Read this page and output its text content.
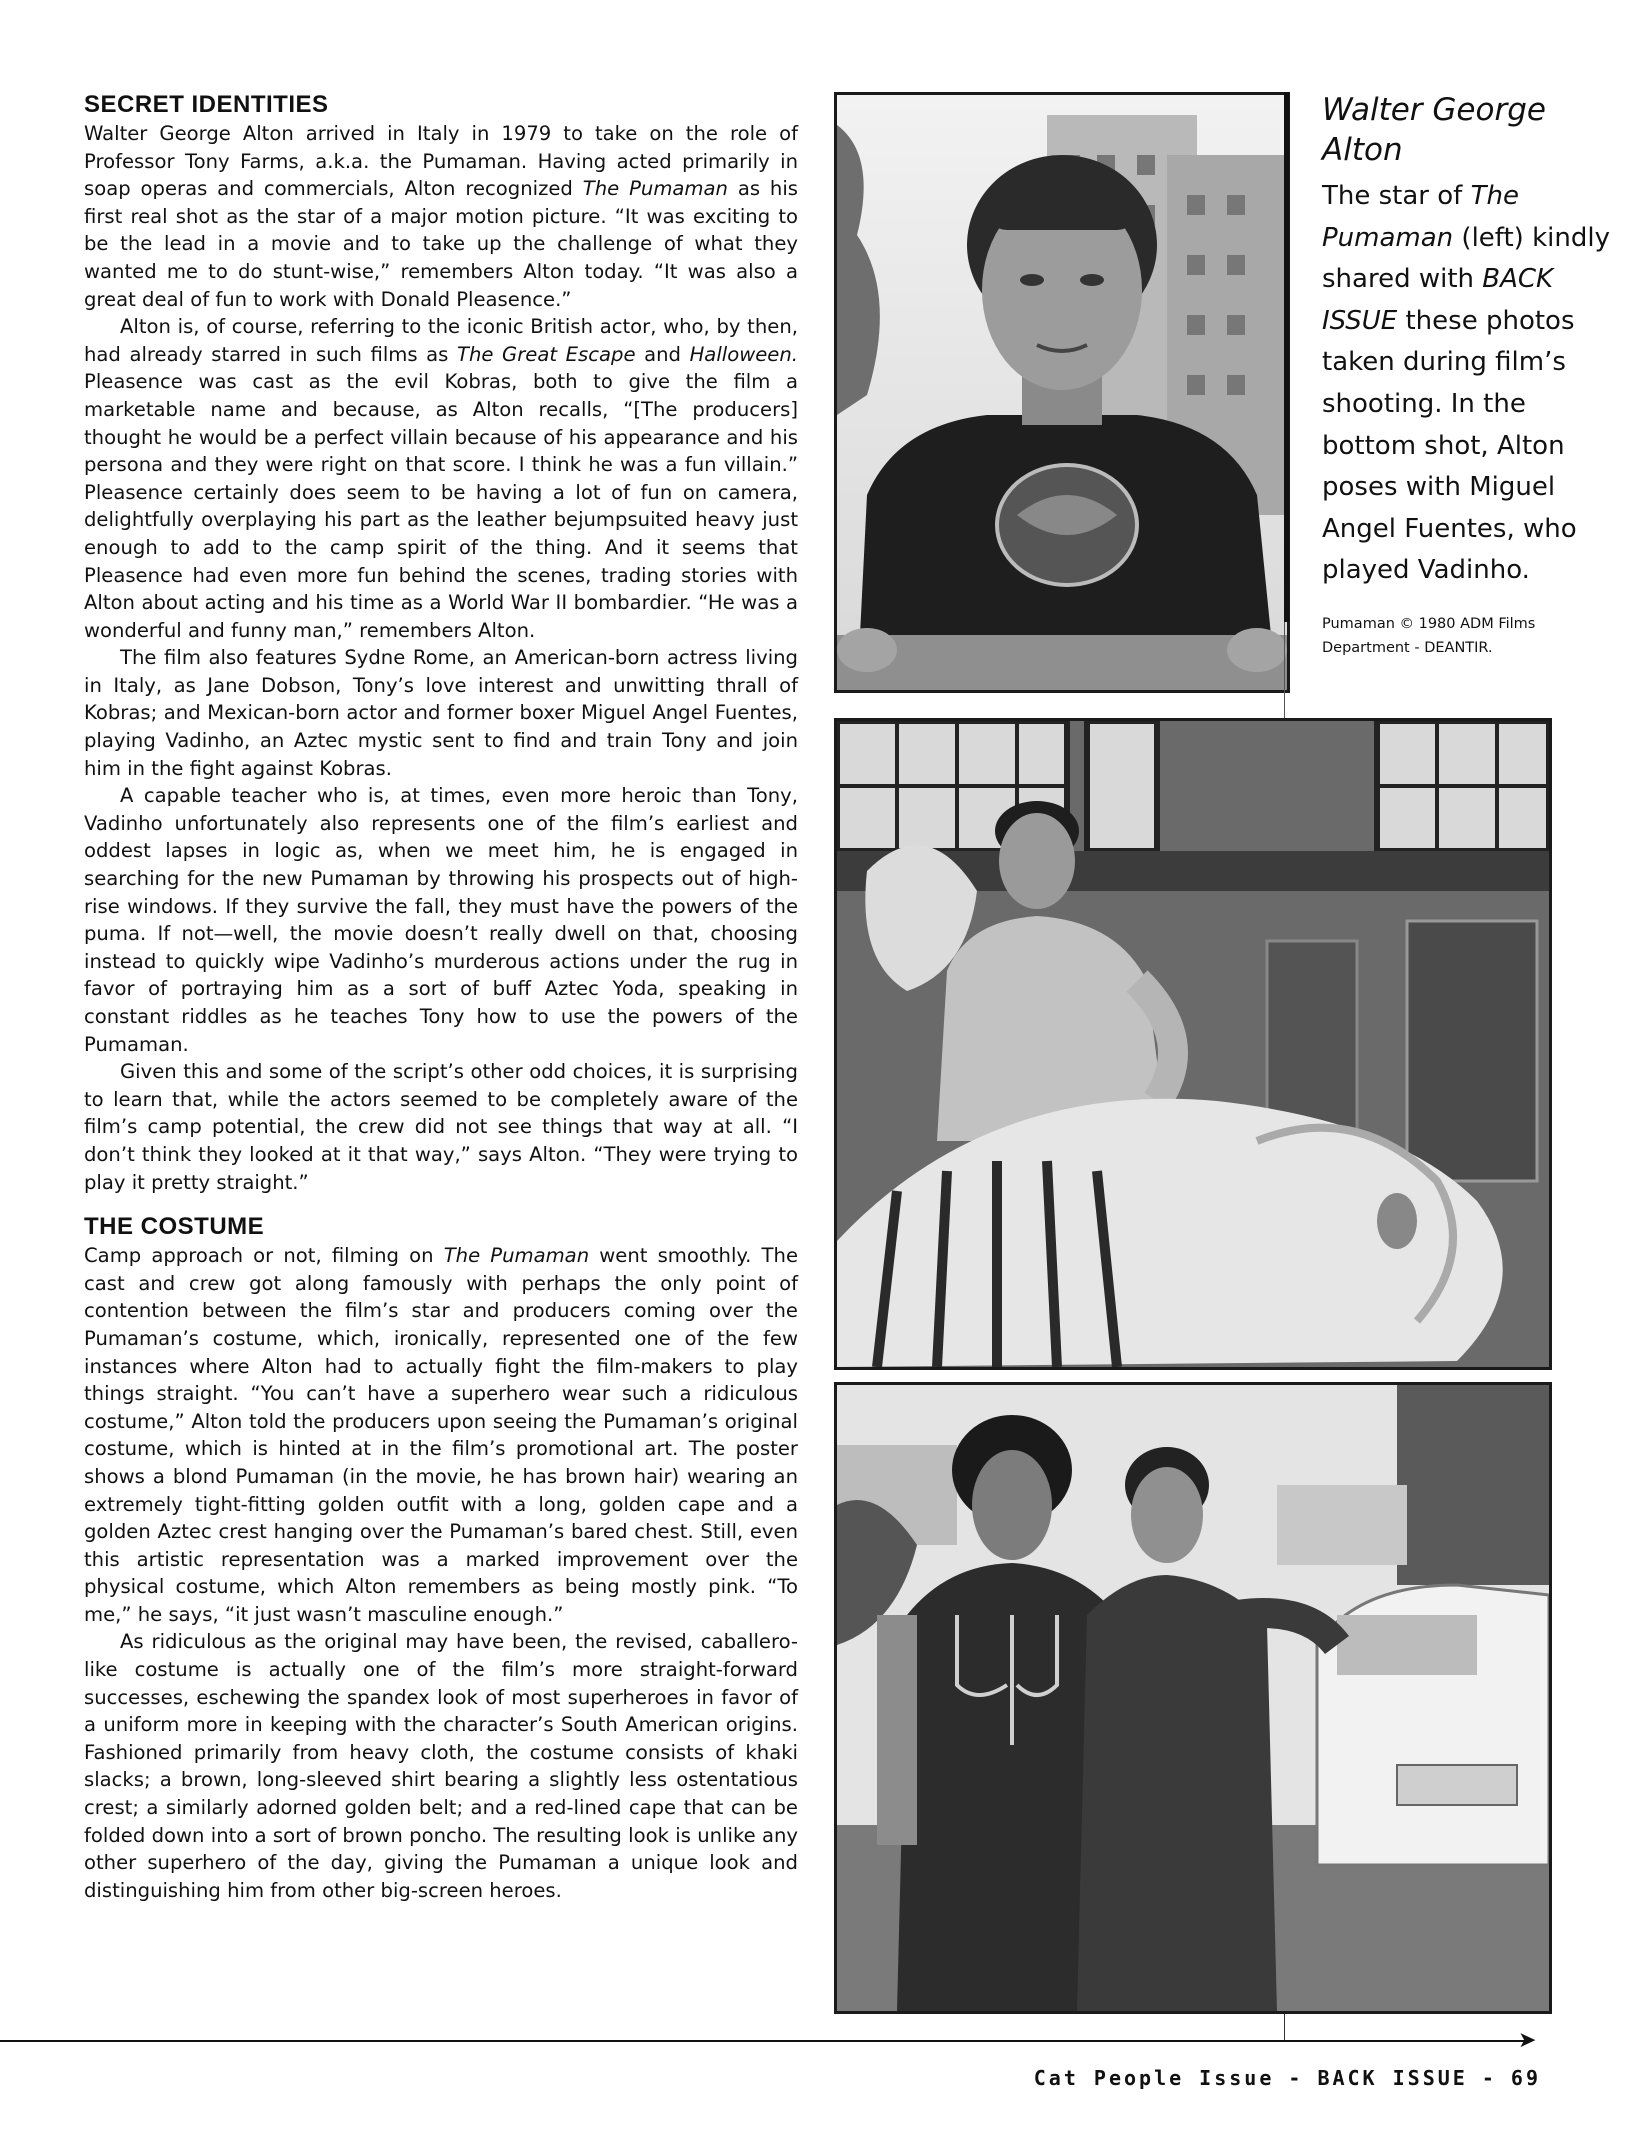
SECRET IDENTITIES

Walter George Alton arrived in Italy in 1979 to take on the role of Professor Tony Farms, a.k.a. the Pumaman. Having acted primarily in soap operas and commercials, Alton recognized The Pumaman as his first real shot as the star of a major motion picture. “It was exciting to be the lead in a movie and to take up the challenge of what they wanted me to do stunt-wise,” remembers Alton today. “It was also a great deal of fun to work with Donald Pleasence.”

Alton is, of course, referring to the iconic British actor, who, by then, had already starred in such films as The Great Escape and Halloween. Pleasence was cast as the evil Kobras, both to give the film a marketable name and because, as Alton recalls, “[The producers] thought he would be a perfect villain because of his appearance and his persona and they were right on that score. I think he was a fun villain.” Pleasence certainly does seem to be having a lot of fun on camera, delightfully overplaying his part as the leather bejumpsuited heavy just enough to add to the camp spirit of the thing. And it seems that Pleasence had even more fun behind the scenes, trading stories with Alton about acting and his time as a World War II bombardier. “He was a wonderful and funny man,” remembers Alton.

The film also features Sydne Rome, an American-born actress living in Italy, as Jane Dobson, Tony’s love interest and unwitting thrall of Kobras; and Mexican-born actor and former boxer Miguel Angel Fuentes, playing Vadinho, an Aztec mystic sent to find and train Tony and join him in the fight against Kobras.

A capable teacher who is, at times, even more heroic than Tony, Vadinho unfortunately also represents one of the film’s earliest and oddest lapses in logic as, when we meet him, he is engaged in searching for the new Pumaman by throwing his prospects out of high-rise windows. If they survive the fall, they must have the powers of the puma. If not—well, the movie doesn’t really dwell on that, choosing instead to quickly wipe Vadinho’s murderous actions under the rug in favor of portraying him as a sort of buff Aztec Yoda, speaking in constant riddles as he teaches Tony how to use the powers of the Pumaman.

Given this and some of the script’s other odd choices, it is surprising to learn that, while the actors seemed to be completely aware of the film’s camp potential, the crew did not see things that way at all. “I don’t think they looked at it that way,” says Alton. “They were trying to play it pretty straight.”

THE COSTUME

Camp approach or not, filming on The Pumaman went smoothly. The cast and crew got along famously with perhaps the only point of contention between the film’s star and producers coming over the Pumaman’s costume, which, ironically, represented one of the few instances where Alton had to actually fight the film-makers to play things straight. “You can’t have a superhero wear such a ridiculous costume,” Alton told the producers upon seeing the Pumaman’s original costume, which is hinted at in the film’s promotional art. The poster shows a blond Pumaman (in the movie, he has brown hair) wearing an extremely tight-fitting golden outfit with a long, golden cape and a golden Aztec crest hanging over the Pumaman’s bared chest. Still, even this artistic representation was a marked improvement over the physical costume, which Alton remembers as being mostly pink. “To me,” he says, “it just wasn’t masculine enough.”

As ridiculous as the original may have been, the revised, caballero-like costume is actually one of the film’s more straight-forward successes, eschewing the spandex look of most superheroes in favor of a uniform more in keeping with the character’s South American origins. Fashioned primarily from heavy cloth, the costume consists of khaki slacks; a brown, long-sleeved shirt bearing a slightly less ostentatious crest; a similarly adorned golden belt; and a red-lined cape that can be folded down into a sort of brown poncho. The resulting look is unlike any other superhero of the day, giving the Pumaman a unique look and distinguishing him from other big-screen heroes.

Walter George Alton

The star of The Pumaman (left) kindly shared with BACK ISSUE these photos taken during film’s shooting. In the bottom shot, Alton poses with Miguel Angel Fuentes, who played Vadinho.

Pumaman © 1980 ADM Films Department - DEANTIR.
➤
Cat People Issue - BACK ISSUE - 69
